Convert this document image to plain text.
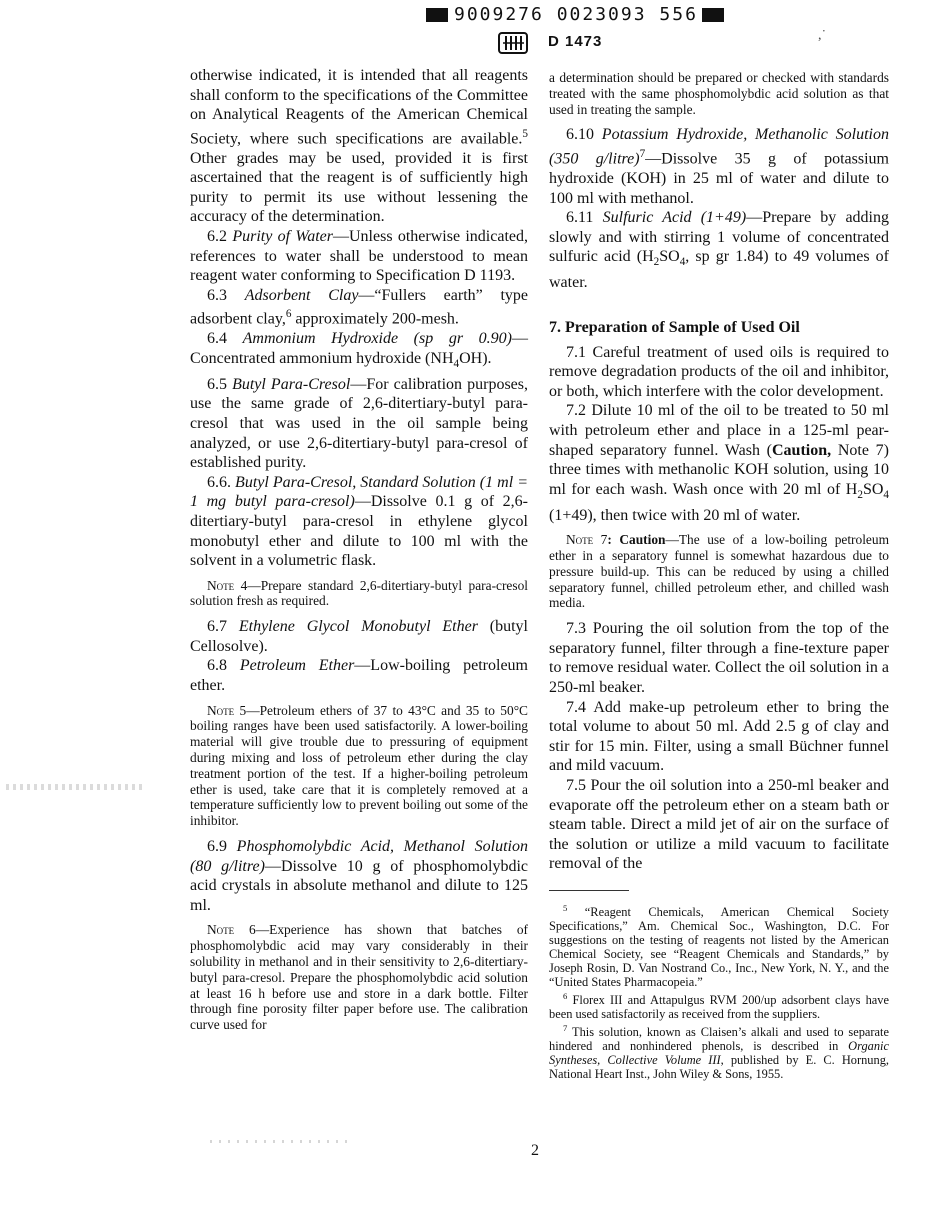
9009276 0023093 556
D 1473	,˙

otherwise indicated, it is intended that all reagents shall conform to the specifications of the Committee on Analytical Reagents of the American Chemical Society, where such specifications are available.$^5$ Other grades may be used, provided it is first ascertained that the reagent is of sufficiently high purity to permit its use without lessening the accuracy of the determination.

6.2 Purity of Water—Unless otherwise indicated, references to water shall be understood to mean reagent water conforming to Specification D 1193.

6.3 Adsorbent Clay—“Fullers earth” type adsorbent clay,$^6$ approximately 200-mesh.

6.4 Ammonium Hydroxide (sp gr 0.90)—Concentrated ammonium hydroxide $(NH_4OH)$.

6.5 Butyl Para-Cresol—For calibration purposes, use the same grade of 2,6-ditertiary-butyl para-cresol that was used in the oil sample being analyzed, or use 2,6-ditertiary-butyl para-cresol of established purity.

6.6. Butyl Para-Cresol, Standard Solution (1 ml = 1 mg butyl para-cresol)—Dissolve 0.1 g of 2,6-ditertiary-butyl para-cresol in ethylene glycol monobutyl ether and dilute to 100 ml with the solvent in a volumetric flask.

Note 4—Prepare standard 2,6-ditertiary-butyl para-cresol solution fresh as required.

6.7 Ethylene Glycol Monobutyl Ether (butyl Cellosolve).

6.8 Petroleum Ether—Low-boiling petroleum ether.

Note 5—Petroleum ethers of 37 to 43°C and 35 to 50°C boiling ranges have been used satisfactorily. A lower-boiling material will give trouble due to pressuring of equipment during mixing and loss of petroleum ether during the clay treatment portion of the test. If a higher-boiling petroleum ether is used, take care that it is completely removed at a temperature sufficiently low to prevent boiling out some of the inhibitor.

6.9 Phosphomolybdic Acid, Methanol Solution (80 g/litre)—Dissolve 10 g of phosphomolybdic acid crystals in absolute methanol and dilute to 125 ml.

Note 6—Experience has shown that batches of phosphomolybdic acid may vary considerably in their solubility in methanol and in their sensitivity to 2,6-ditertiary-butyl para-cresol. Prepare the phosphomolybdic acid solution at least 16 h before use and store in a dark bottle. Filter through fine porosity filter paper before use. The calibration curve used for

a determination should be prepared or checked with standards treated with the same phosphomolybdic acid solution as that used in treating the sample.

6.10 Potassium Hydroxide, Methanolic Solution (350 g/litre)$^7$—Dissolve 35 g of potassium hydroxide (KOH) in 25 ml of water and dilute to 100 ml with methanol.

6.11 Sulfuric Acid (1+49)—Prepare by adding slowly and with stirring 1 volume of concentrated sulfuric acid ($H_2SO_4$, sp gr 1.84) to 49 volumes of water.

7. Preparation of Sample of Used Oil

7.1 Careful treatment of used oils is required to remove degradation products of the oil and inhibitor, or both, which interfere with the color development.

7.2 Dilute 10 ml of the oil to be treated to 50 ml with petroleum ether and place in a 125-ml pear-shaped separatory funnel. Wash (Caution, Note 7) three times with methanolic KOH solution, using 10 ml for each wash. Wash once with 20 ml of $H_2SO_4$ (1+49), then twice with 20 ml of water.

Note 7: Caution—The use of a low-boiling petroleum ether in a separatory funnel is somewhat hazardous due to pressure build-up. This can be reduced by using a chilled separatory funnel, chilled petroleum ether, and chilled wash media.

7.3 Pouring the oil solution from the top of the separatory funnel, filter through a fine-texture paper to remove residual water. Collect the oil solution in a 250-ml beaker.

7.4 Add make-up petroleum ether to bring the total volume to about 50 ml. Add 2.5 g of clay and stir for 15 min. Filter, using a small Büchner funnel and mild vacuum.

7.5 Pour the oil solution into a 250-ml beaker and evaporate off the petroleum ether on a steam bath or steam table. Direct a mild jet of air on the surface of the solution or utilize a mild vacuum to facilitate removal of the

$^5$ “Reagent Chemicals, American Chemical Society Specifications,” Am. Chemical Soc., Washington, D.C. For suggestions on the testing of reagents not listed by the American Chemical Society, see “Reagent Chemicals and Standards,” by Joseph Rosin, D. Van Nostrand Co., Inc., New York, N. Y., and the “United States Pharmacopeia.”

$^6$ Florex III and Attapulgus RVM 200/up adsorbent clays have been used satisfactorily as received from the suppliers.

$^7$ This solution, known as Claisen’s alkali and used to separate hindered and nonhindered phenols, is described in Organic Syntheses, Collective Volume III, published by E. C. Hornung, National Heart Inst., John Wiley & Sons, 1955.

2
